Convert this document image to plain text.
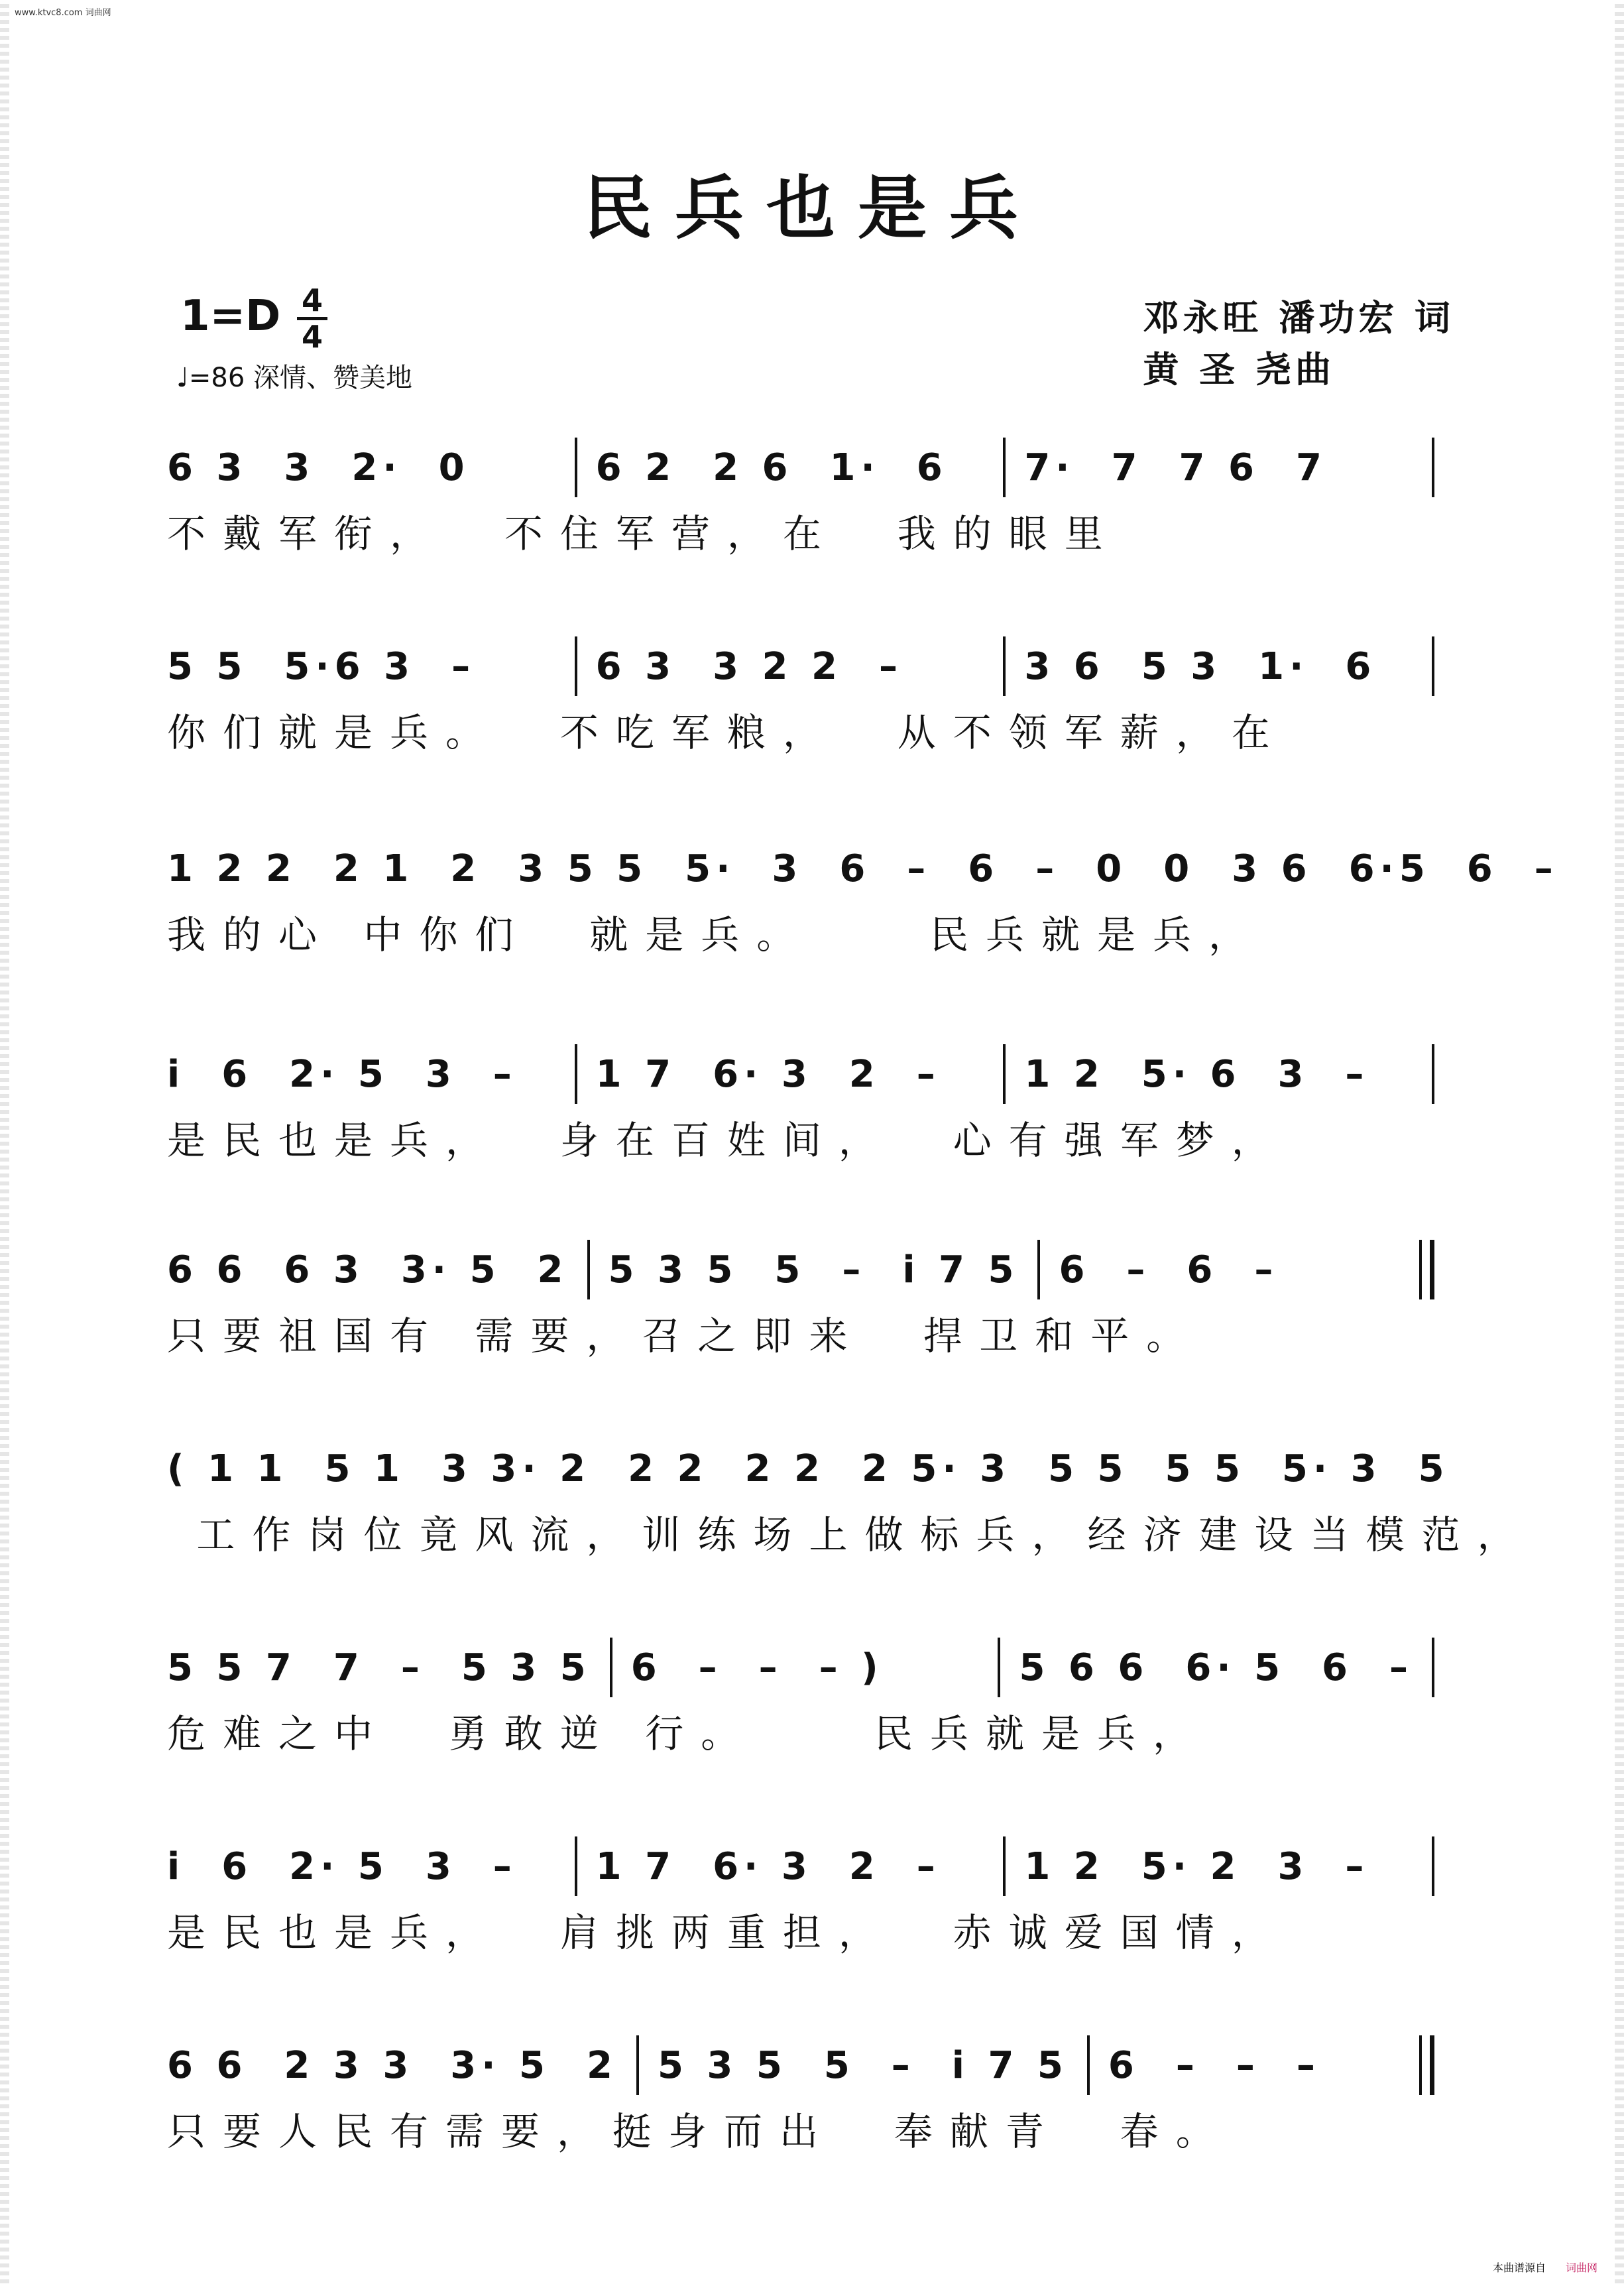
www.ktvc8.com 词曲网
民兵也是兵
1=D 4
4
♩=86 深情、赞美地
邓永旺 潘功宏 词
黄 圣 尧曲
6 3  3  2·  0	6 2  2 6  1·  6	7·  7  7 6  7
不戴军衔，  不住军营，在  我的眼里
5 5  5·6 3  –	6 3  3 2 2  –	3 6  5 3  1·  6
你们就是兵。  不吃军粮，  从不领军薪，在
1 2 2  2 1  2  3 5 5 5·  3  6  – 6  –  0  0 3 6  6·5  6  –
我的心 中你们  就是兵。    民兵就是兵，
i  6  2· 5  3  –	1 7  6· 3  2  –	1 2  5· 6  3  –
是民也是兵，  身在百姓间，  心有强军梦，
6 6  6 3  3· 5  2 5 3 5  5  –  i 7 5 6  –  6  –
只要祖国有 需要，召之即来  捍卫和平。
( 1 1  5 1  3 3· 2 2 2  2 2  2 5· 3 5 5  5 5  5· 3  5
工作岗位竟风流，训练场上做标兵，经济建设当模范，
5 5 7  7  –  5 3 5 6  –  –  – )	5 6 6  6· 5  6  –
危难之中  勇敢逆 行。    民兵就是兵，
i  6  2· 5  3  –	1 7  6· 3  2  –	1 2  5· 2  3  –
是民也是兵，  肩挑两重担，  赤诚爱国情，
6 6  2 3 3  3· 5  2 5 3 5  5  –  i 7 5 6  –  –  –
只要人民有需要，挺身而出  奉献青  春。
本曲谱源自 词曲网
